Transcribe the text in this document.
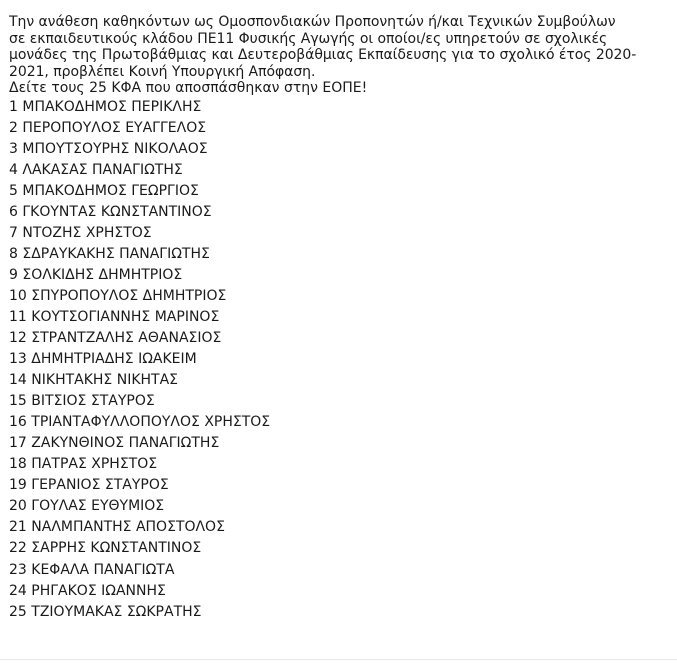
Την ανάθεση καθηκόντων ως Ομοσπονδιακών Προπονητών ή/και Τεχνικών Συμβούλων
σε εκπαιδευτικούς κλάδου ΠΕ11 Φυσικής Αγωγής οι οποίοι/ες υπηρετούν σε σχολικές
μονάδες της Πρωτοβάθμιας και Δευτεροβάθμιας Εκπαίδευσης για το σχολικό έτος 2020-
2021, προβλέπει Κοινή Υπουργική Απόφαση.

Δείτε τους 25 ΚΦΑ που αποσπάσθηκαν στην ΕΟΠΕ!

1 ΜΠΑΚΟΔΗΜΟΣ ΠΕΡΙΚΛΗΣ
2 ΠΕΡΟΠΟΥΛΟΣ ΕΥΑΓΓΕΛΟΣ
3 ΜΠΟΥΤΣΟΥΡΗΣ ΝΙΚΟΛΑΟΣ
4 ΛΑΚΑΣΑΣ ΠΑΝΑΓΙΩΤΗΣ
5 ΜΠΑΚΟΔΗΜΟΣ ΓΕΩΡΓΙΟΣ
6 ΓΚΟΥΝΤΑΣ ΚΩΝΣΤΑΝΤΙΝΟΣ
7 ΝΤΟΖΗΣ ΧΡΗΣΤΟΣ
8 ΣΔΡΑΥΚΑΚΗΣ ΠΑΝΑΓΙΩΤΗΣ
9 ΣΟΛΚΙΔΗΣ ΔΗΜΗΤΡΙΟΣ
10 ΣΠΥΡΟΠΟΥΛΟΣ ΔΗΜΗΤΡΙΟΣ
11 ΚΟΥΤΣΟΓΙΑΝΝΗΣ ΜΑΡΙΝΟΣ
12 ΣΤΡΑΝΤΖΑΛΗΣ ΑΘΑΝΑΣΙΟΣ
13 ΔΗΜΗΤΡΙΑΔΗΣ ΙΩΑΚΕΙΜ
14 ΝΙΚΗΤΑΚΗΣ ΝΙΚΗΤΑΣ
15 ΒΙΤΣΙΟΣ ΣΤΑΥΡΟΣ
16 ΤΡΙΑΝΤΑΦΥΛΛΟΠΟΥΛΟΣ ΧΡΗΣΤΟΣ
17 ΖΑΚΥΝΘΙΝΟΣ ΠΑΝΑΓΙΩΤΗΣ
18 ΠΑΤΡΑΣ ΧΡΗΣΤΟΣ
19 ΓΕΡΑΝΙΟΣ ΣΤΑΥΡΟΣ
20 ΓΟΥΛΑΣ ΕΥΘΥΜΙΟΣ
21 ΝΑΛΜΠΑΝΤΗΣ ΑΠΟΣΤΟΛΟΣ
22 ΣΑΡΡΗΣ ΚΩΝΣΤΑΝΤΙΝΟΣ
23 ΚΕΦΑΛΑ ΠΑΝΑΓΙΩΤΑ
24 ΡΗΓΑΚΟΣ ΙΩΑΝΝΗΣ
25 ΤΖΙΟΥΜΑΚΑΣ ΣΩΚΡΑΤΗΣ
